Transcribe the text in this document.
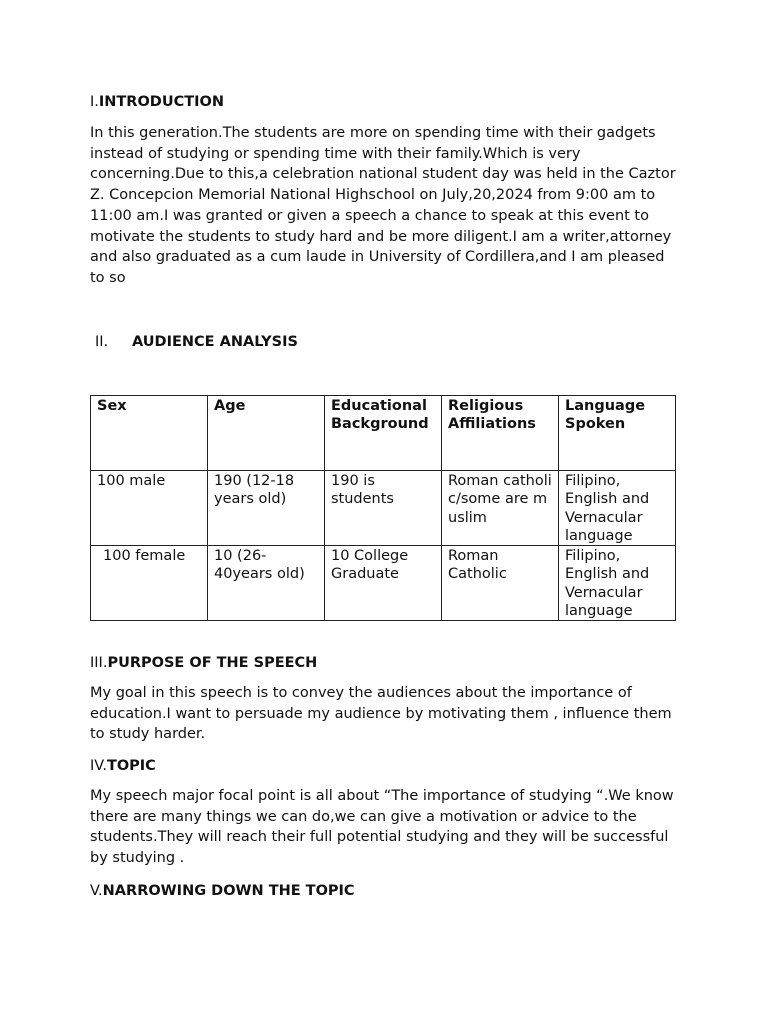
I.INTRODUCTION

In this generation.The students are more on spending time with their gadgets instead of studying or spending time with their family.Which is very concerning.Due to this,a celebration national student day was held in the Caztor Z. Concepcion Memorial National Highschool on July,20,2024 from 9:00 am to 11:00 am.I was granted or given a speech a chance to speak at this event to motivate the students to study hard and be more diligent.I am a writer,attorney and also graduated as a cum laude in University of Cordillera,and I am pleased to so

II. AUDIENCE ANALYSIS

Sex	Age	Educational Background	Religious Affiliations	Language Spoken
100 male	190 (12-18 years old)	190 is students	Roman catholic/some are muslim	Filipino, English and Vernacular language
100 female	10 (26-40years old)	10 College Graduate	Roman Catholic	Filipino, English and Vernacular language

III.PURPOSE OF THE SPEECH

My goal in this speech is to convey the audiences about the importance of education.I want to persuade my audience by motivating them , influence them to study harder.

IV.TOPIC

My speech major focal point is all about “The importance of studying “.We know there are many things we can do,we can give a motivation or advice to the students.They will reach their full potential studying and they will be successful by studying .

V.NARROWING DOWN THE TOPIC
